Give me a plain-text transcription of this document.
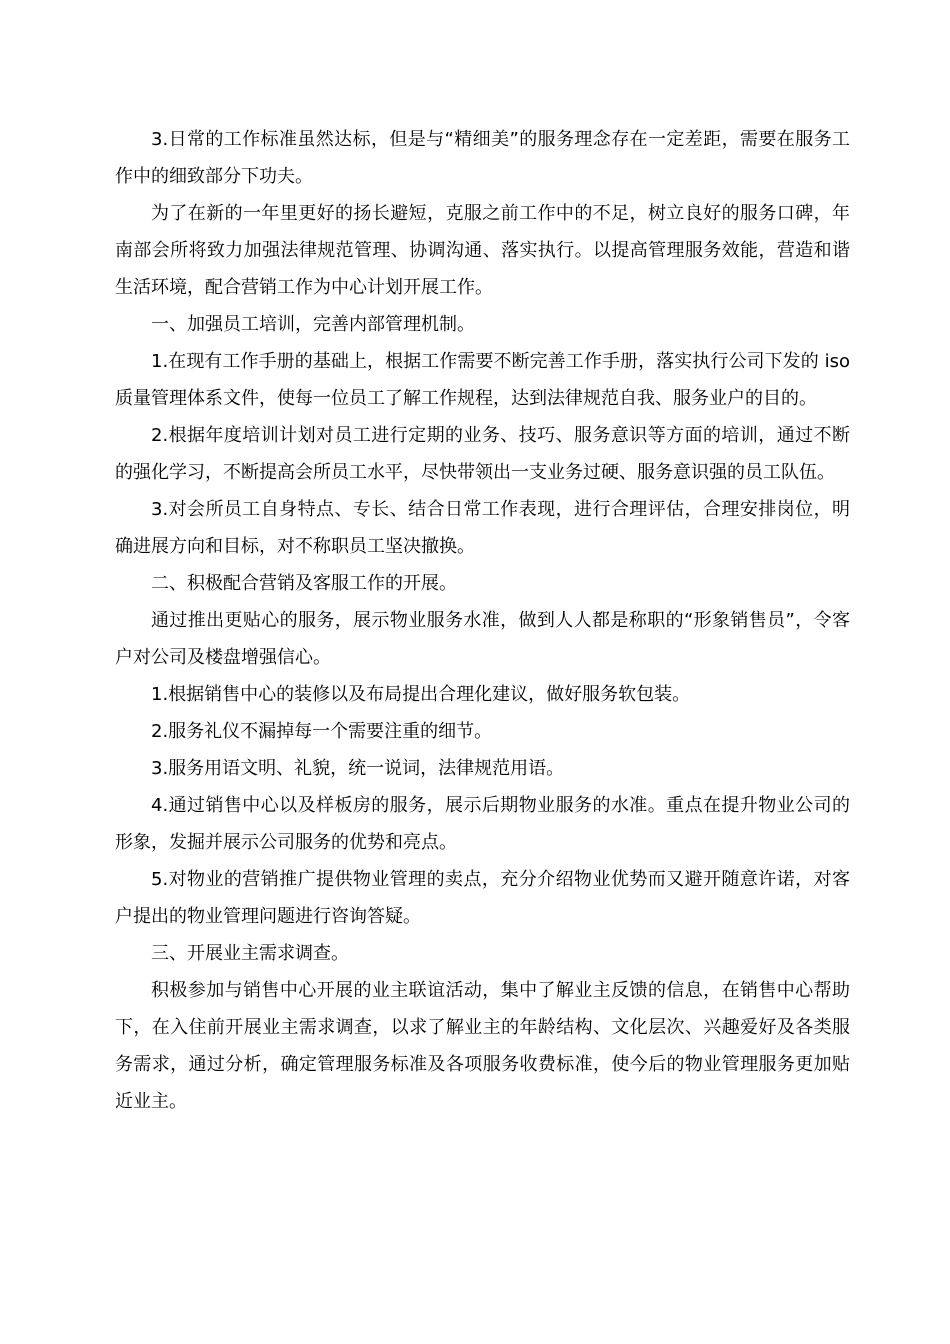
3.日常的工作标准虽然达标，但是与“精细美”的服务理念存在一定差距，需要在服务工作中的细致部分下功夫。

为了在新的一年里更好的扬长避短，克服之前工作中的不足，树立良好的服务口碑，年南部会所将致力加强法律规范管理、协调沟通、落实执行。以提高管理服务效能，营造和谐生活环境，配合营销工作为中心计划开展工作。

一、加强员工培训，完善内部管理机制。

1.在现有工作手册的基础上，根据工作需要不断完善工作手册，落实执行公司下发的 iso 质量管理体系文件，使每一位员工了解工作规程，达到法律规范自我、服务业户的目的。

2.根据年度培训计划对员工进行定期的业务、技巧、服务意识等方面的培训，通过不断的强化学习，不断提高会所员工水平，尽快带领出一支业务过硬、服务意识强的员工队伍。

3.对会所员工自身特点、专长、结合日常工作表现，进行合理评估，合理安排岗位，明确进展方向和目标，对不称职员工坚决撤换。

二、积极配合营销及客服工作的开展。

通过推出更贴心的服务，展示物业服务水准，做到人人都是称职的“形象销售员”，令客户对公司及楼盘增强信心。

1.根据销售中心的装修以及布局提出合理化建议，做好服务软包装。

2.服务礼仪不漏掉每一个需要注重的细节。

3.服务用语文明、礼貌，统一说词，法律规范用语。

4.通过销售中心以及样板房的服务，展示后期物业服务的水准。重点在提升物业公司的形象，发掘并展示公司服务的优势和亮点。

5.对物业的营销推广提供物业管理的卖点，充分介绍物业优势而又避开随意许诺，对客户提出的物业管理问题进行咨询答疑。

三、开展业主需求调查。

积极参加与销售中心开展的业主联谊活动，集中了解业主反馈的信息，在销售中心帮助下，在入住前开展业主需求调查，以求了解业主的年龄结构、文化层次、兴趣爱好及各类服务需求，通过分析，确定管理服务标准及各项服务收费标准，使今后的物业管理服务更加贴近业主。
